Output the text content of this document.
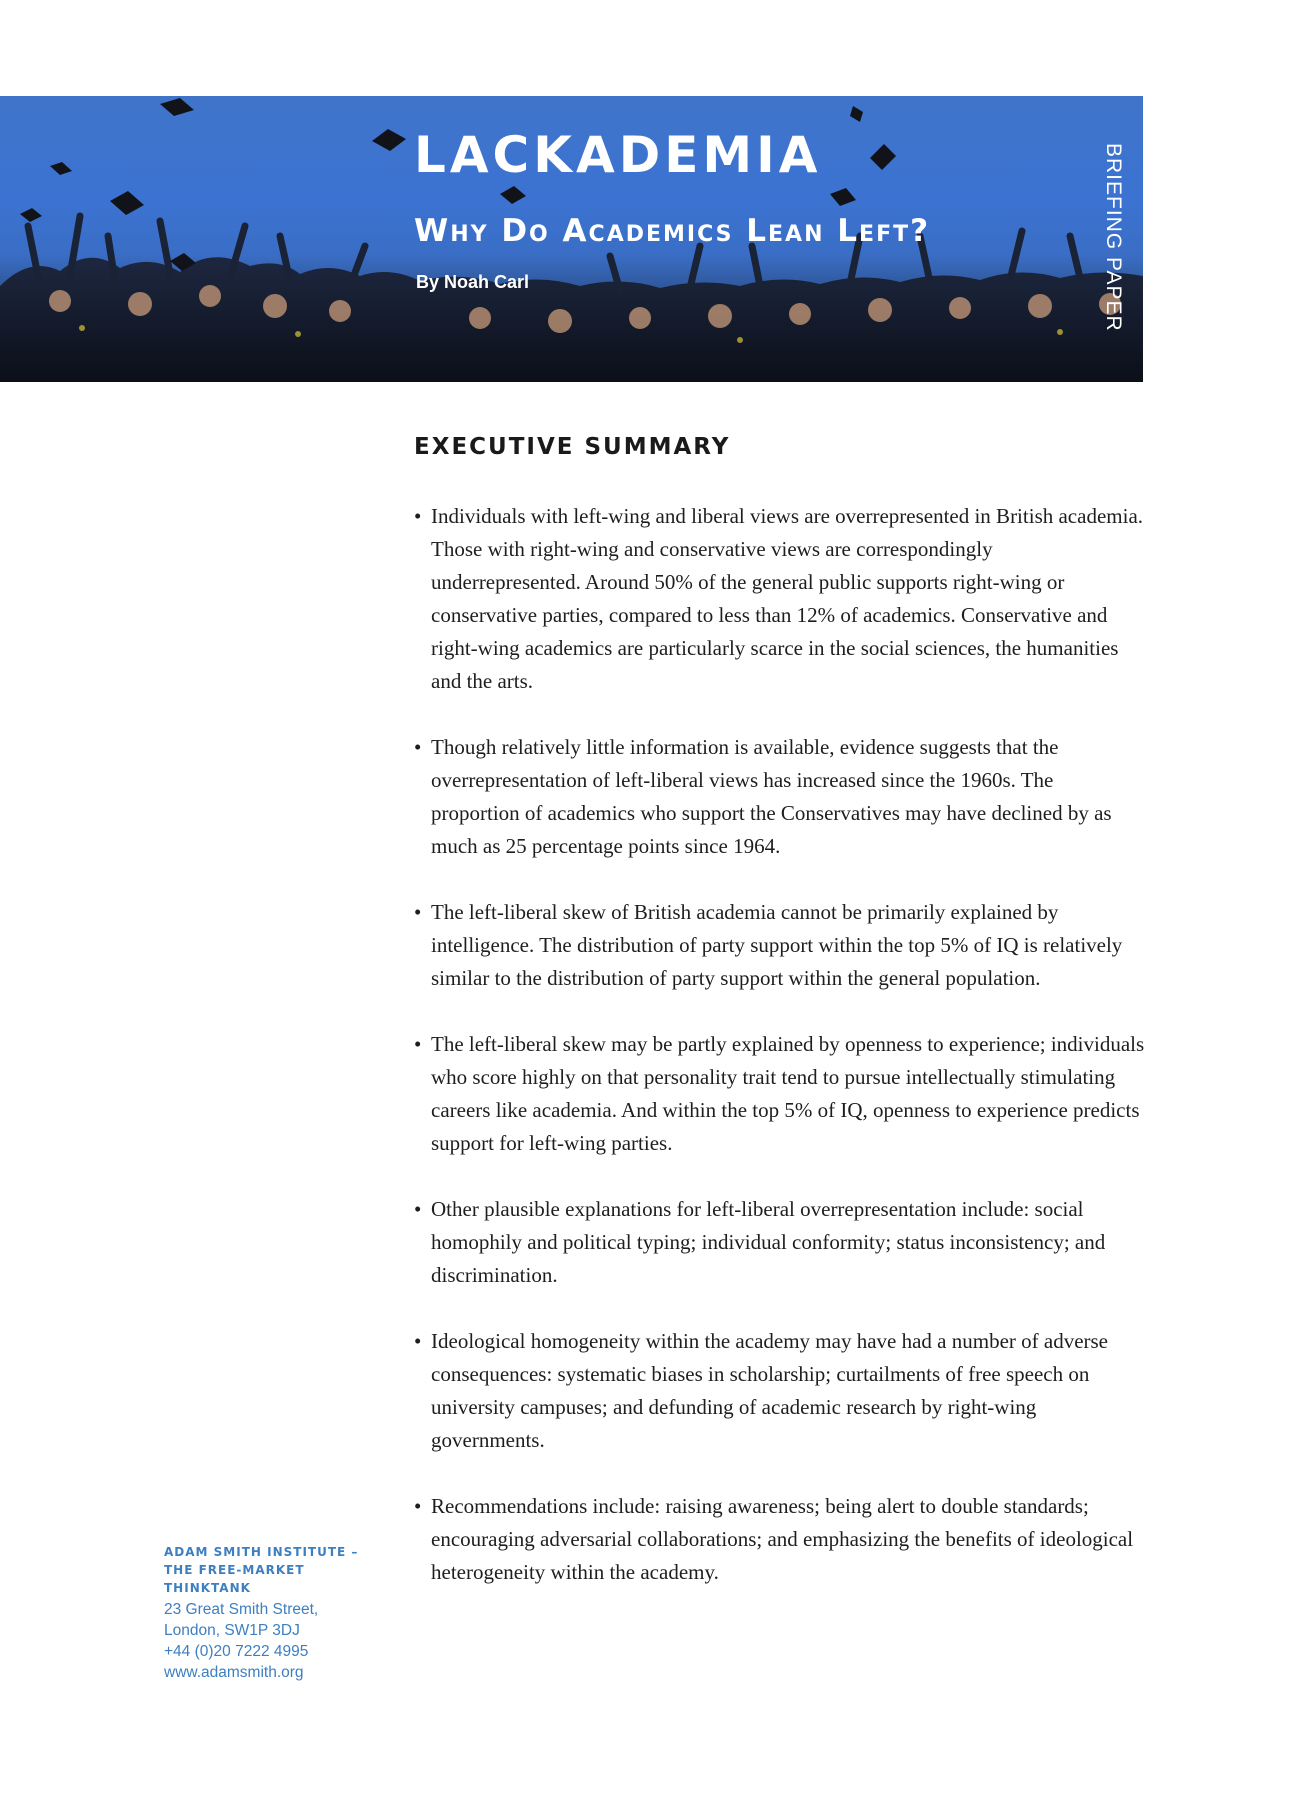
LACKADEMIA
Why Do Academics Lean Left?

By Noah Carl	BRIEFING PAPER
EXECUTIVE SUMMARY
• Individuals with left-wing and liberal views are overrepresented in British academia. Those with right-wing and conservative views are correspondingly underrepresented. Around 50% of the general public supports right-wing or conservative parties, compared to less than 12% of academics. Conservative and right-wing academics are particularly scarce in the social sciences, the humanities and the arts.
• Though relatively little information is available, evidence suggests that the overrepresentation of left-liberal views has increased since the 1960s. The proportion of academics who support the Conservatives may have declined by as much as 25 percentage points since 1964.
• The left-liberal skew of British academia cannot be primarily explained by intelligence. The distribution of party support within the top 5% of IQ is relatively similar to the distribution of party support within the general population.
• The left-liberal skew may be partly explained by openness to experience; individuals who score highly on that personality trait tend to pursue intellectually stimulating careers like academia. And within the top 5% of IQ, openness to experience predicts support for left-wing parties.
• Other plausible explanations for left-liberal overrepresentation include: social homophily and political typing; individual conformity; status inconsistency; and discrimination.
• Ideological homogeneity within the academy may have had a number of adverse consequences: systematic biases in scholarship; curtailments of free speech on university campuses; and defunding of academic research by right-wing governments.
• Recommendations include: raising awareness; being alert to double standards; encouraging adversarial collaborations; and emphasizing the benefits of ideological heterogeneity within the academy.

ADAM SMITH INSTITUTE –
THE FREE-MARKET
THINKTANK

23 Great Smith Street,
London, SW1P 3DJ
+44 (0)20 7222 4995
www.adamsmith.org
